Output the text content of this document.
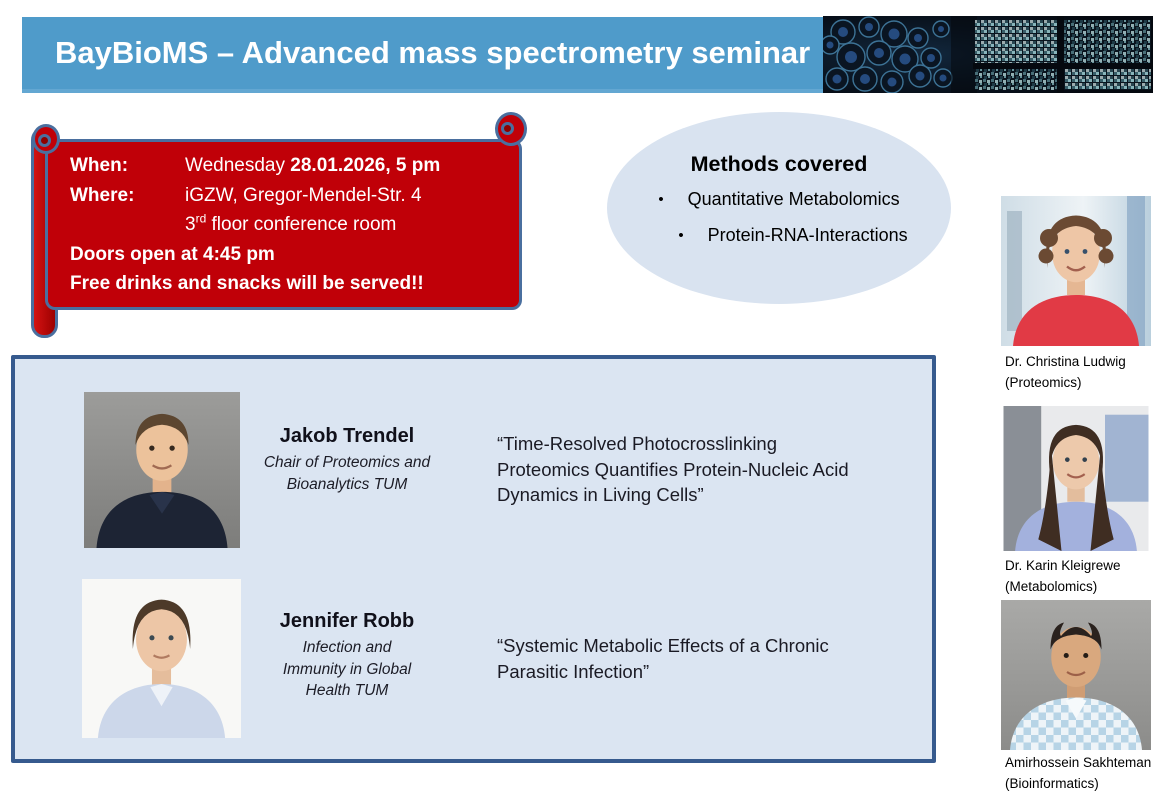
BayBioMS – Advanced mass spectrometry seminar
When:	Wednesday 28.01.2026, 5 pm
Where:	iGZW, Gregor-Mendel-Str. 4
3rd floor conference room
Doors open at 4:45 pm
Free drinks and snacks will be served!!
Methods covered
• Quantitative Metabolomics
• Protein-RNA-Interactions
Jakob Trendel
Chair of Proteomics and
Bioanalytics TUM
“Time-Resolved Photocrosslinking Proteomics Quantifies Protein-Nucleic Acid Dynamics in Living Cells”
Jennifer Robb
Infection and
Immunity in Global
Health TUM
“Systemic Metabolic Effects of a Chronic Parasitic Infection”
Dr. Christina Ludwig
(Proteomics)
Dr. Karin Kleigrewe
(Metabolomics)
Amirhossein Sakhteman
(Bioinformatics)
